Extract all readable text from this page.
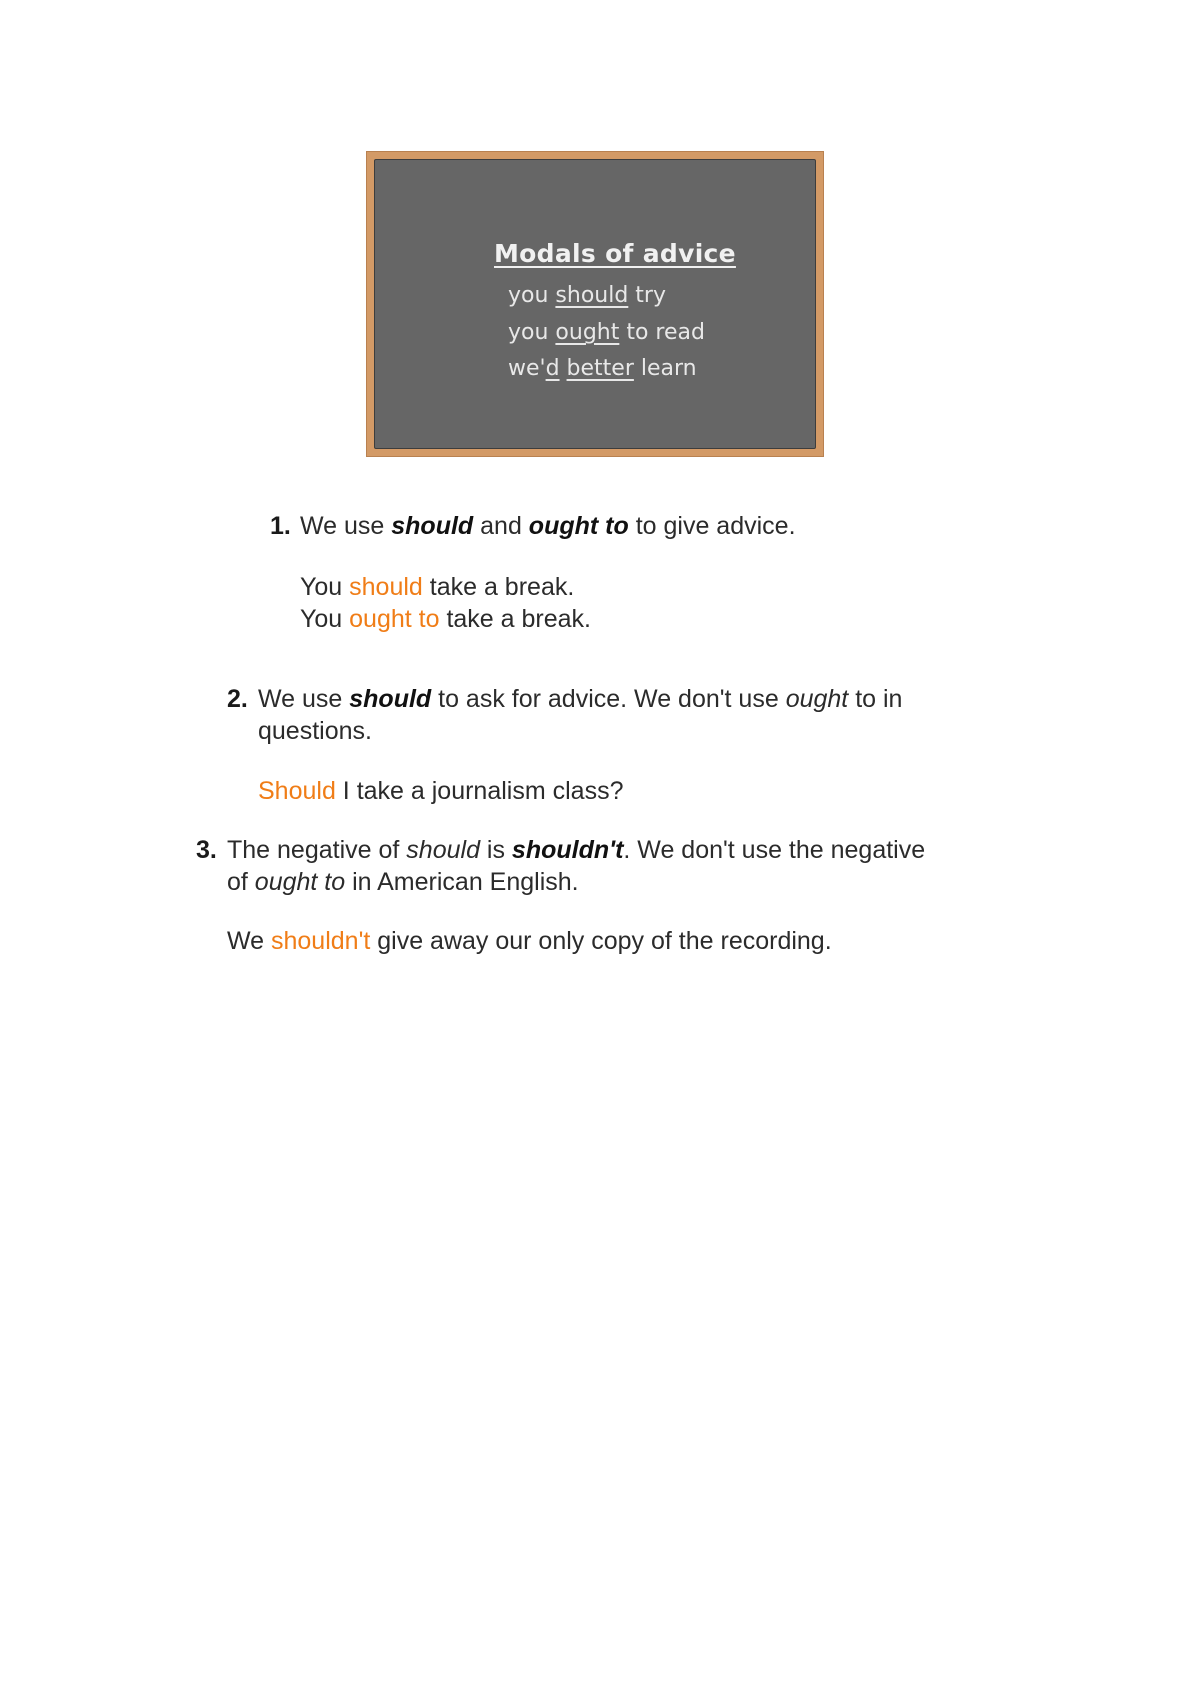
Modals of advice
you should try
you ought to read
we'd better learn
1. We use should and ought to to give advice.
You should take a break.
You ought to take a break.
2. We use should to ask for advice. We don't use ought to in
questions.
Should I take a journalism class?
3. The negative of should is shouldn't. We don't use the negative
of ought to in American English.
We shouldn't give away our only copy of the recording.
